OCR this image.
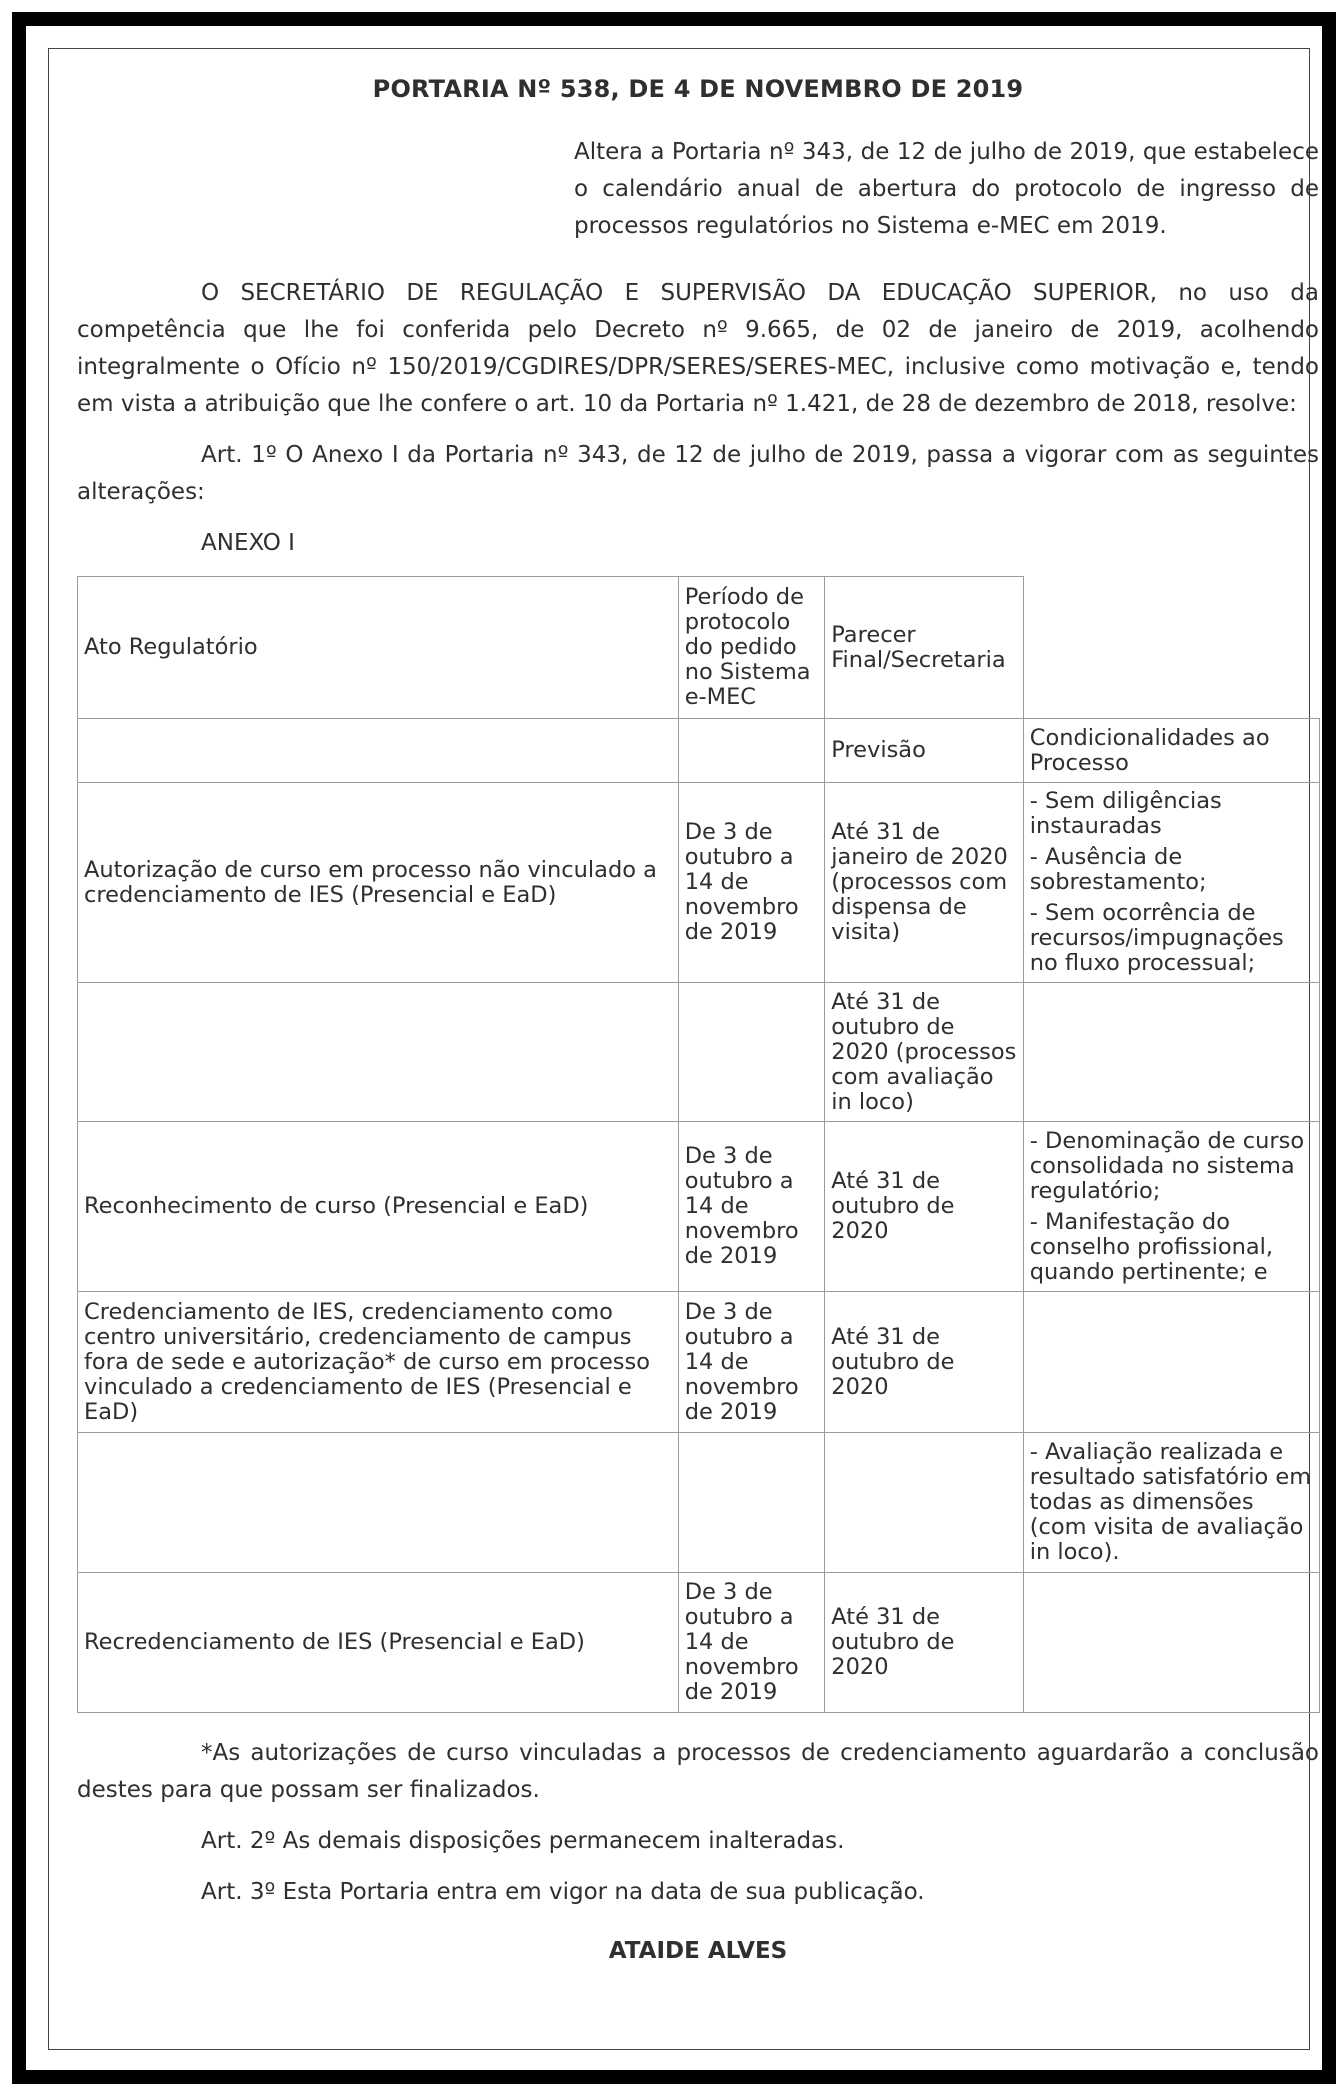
PORTARIA Nº 538, DE 4 DE NOVEMBRO DE 2019
Altera a Portaria nº 343, de 12 de julho de 2019, que estabelece o calendário anual de abertura do protocolo de ingresso de processos regulatórios no Sistema e-MEC em 2019.

O SECRETÁRIO DE REGULAÇÃO E SUPERVISÃO DA EDUCAÇÃO SUPERIOR, no uso da competência que lhe foi conferida pelo Decreto nº 9.665, de 02 de janeiro de 2019, acolhendo integralmente o Ofício nº 150/2019/CGDIRES/DPR/SERES/SERES-MEC, inclusive como motivação e, tendo em vista a atribuição que lhe confere o art. 10 da Portaria nº 1.421, de 28 de dezembro de 2018, resolve:

Art. 1º O Anexo I da Portaria nº 343, de 12 de julho de 2019, passa a vigorar com as seguintes alterações:

ANEXO I

Ato Regulatório	Período de protocolo do pedido no Sistema e-MEC	Parecer Final/Secretaria	
		Previsão	Condicionalidades ao Processo
Autorização de curso em processo não vinculado a credenciamento de IES (Presencial e EaD)	De 3 de outubro a 14 de novembro de 2019	Até 31 de janeiro de 2020 (processos com dispensa de visita)	- Sem diligências instauradas

- Ausência de sobrestamento;

- Sem ocorrência de recursos/impugnações no fluxo processual;

		Até 31 de outubro de 2020 (processos com avaliação in loco)	
Reconhecimento de curso (Presencial e EaD)	De 3 de outubro a 14 de novembro de 2019	Até 31 de outubro de 2020	- Denominação de curso consolidada no sistema regulatório;

- Manifestação do conselho profissional, quando pertinente; e

Credenciamento de IES, credenciamento como centro universitário, credenciamento de campus fora de sede e autorização* de curso em processo vinculado a credenciamento de IES (Presencial e EaD)	De 3 de outubro a 14 de novembro de 2019	Até 31 de outubro de 2020	

			- Avaliação realizada e resultado satisfatório em todas as dimensões (com visita de avaliação in loco).

Recredenciamento de IES (Presencial e EaD)	De 3 de outubro a 14 de novembro de 2019	Até 31 de outubro de 2020	

*As autorizações de curso vinculadas a processos de credenciamento aguardarão a conclusão destes para que possam ser finalizados.

Art. 2º As demais disposições permanecem inalteradas.

Art. 3º Esta Portaria entra em vigor na data de sua publicação.

ATAIDE ALVES
